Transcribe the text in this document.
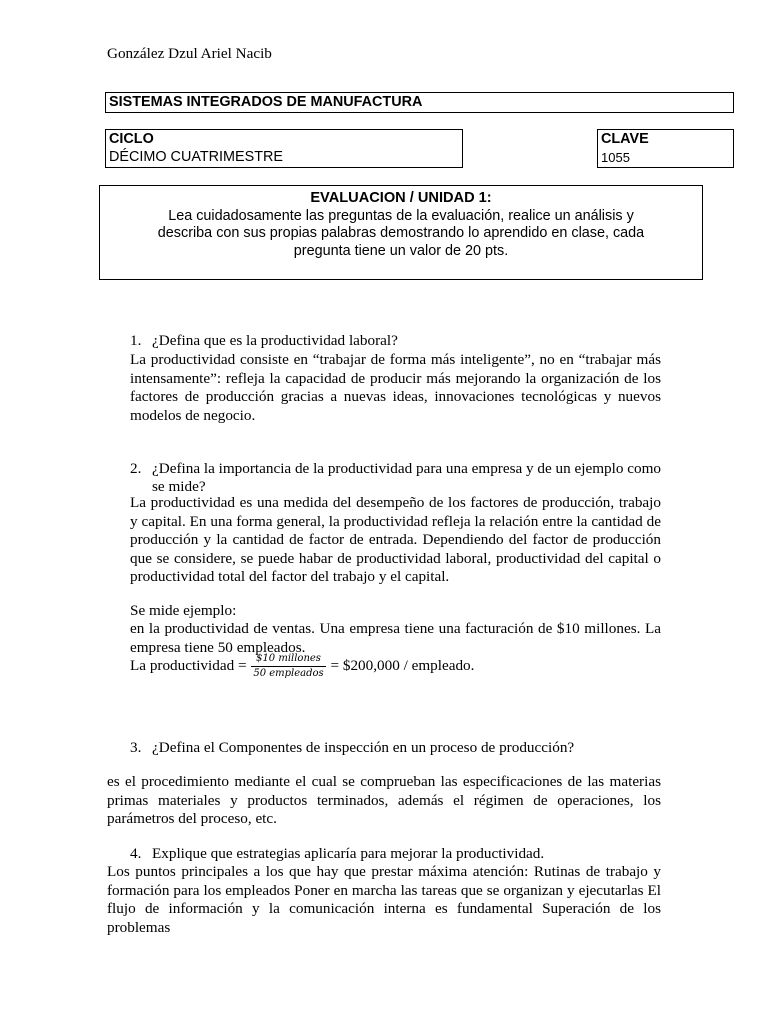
González Dzul Ariel Nacib
SISTEMAS INTEGRADOS DE MANUFACTURA
CICLO
DÉCIMO CUATRIMESTRE
CLAVE
1055
EVALUACION / UNIDAD 1:
Lea cuidadosamente las preguntas de la evaluación, realice un análisis y
describa con sus propias palabras demostrando lo aprendido en clase, cada
pregunta tiene un valor de 20 pts.
1. ¿Defina que es la productividad laboral?
La productividad consiste en “trabajar de forma más inteligente”, no en “trabajar más intensamente”: refleja la capacidad de producir más mejorando la organización de los factores de producción gracias a nuevas ideas, innovaciones tecnológicas y nuevos modelos de negocio.
2. ¿Defina la importancia de la productividad para una empresa y de un ejemplo como
se mide?
La productividad es una medida del desempeño de los factores de producción, trabajo y capital. En una forma general, la productividad refleja la relación entre la cantidad de producción y la cantidad de factor de entrada. Dependiendo del factor de producción que se considere, se puede habar de productividad laboral, productividad del capital o productividad total del factor del trabajo y el capital.
Se mide ejemplo:
en la productividad de ventas. Una empresa tiene una facturación de $10 millones. La empresa tiene 50 empleados.
La productividad = $\frac{\text{\$10 millones}}{\text{50 empleados}}$ = $200,000 / empleado.
3. ¿Defina el Componentes de inspección en un proceso de producción?
es el procedimiento mediante el cual se comprueban las especificaciones de las materias primas materiales y productos terminados, además el régimen de operaciones, los parámetros del proceso, etc.
4. Explique que estrategias aplicaría para mejorar la productividad.
Los puntos principales a los que hay que prestar máxima atención: Rutinas de trabajo y formación para los empleados Poner en marcha las tareas que se organizan y ejecutarlas El flujo de información y la comunicación interna es fundamental Superación de los problemas
